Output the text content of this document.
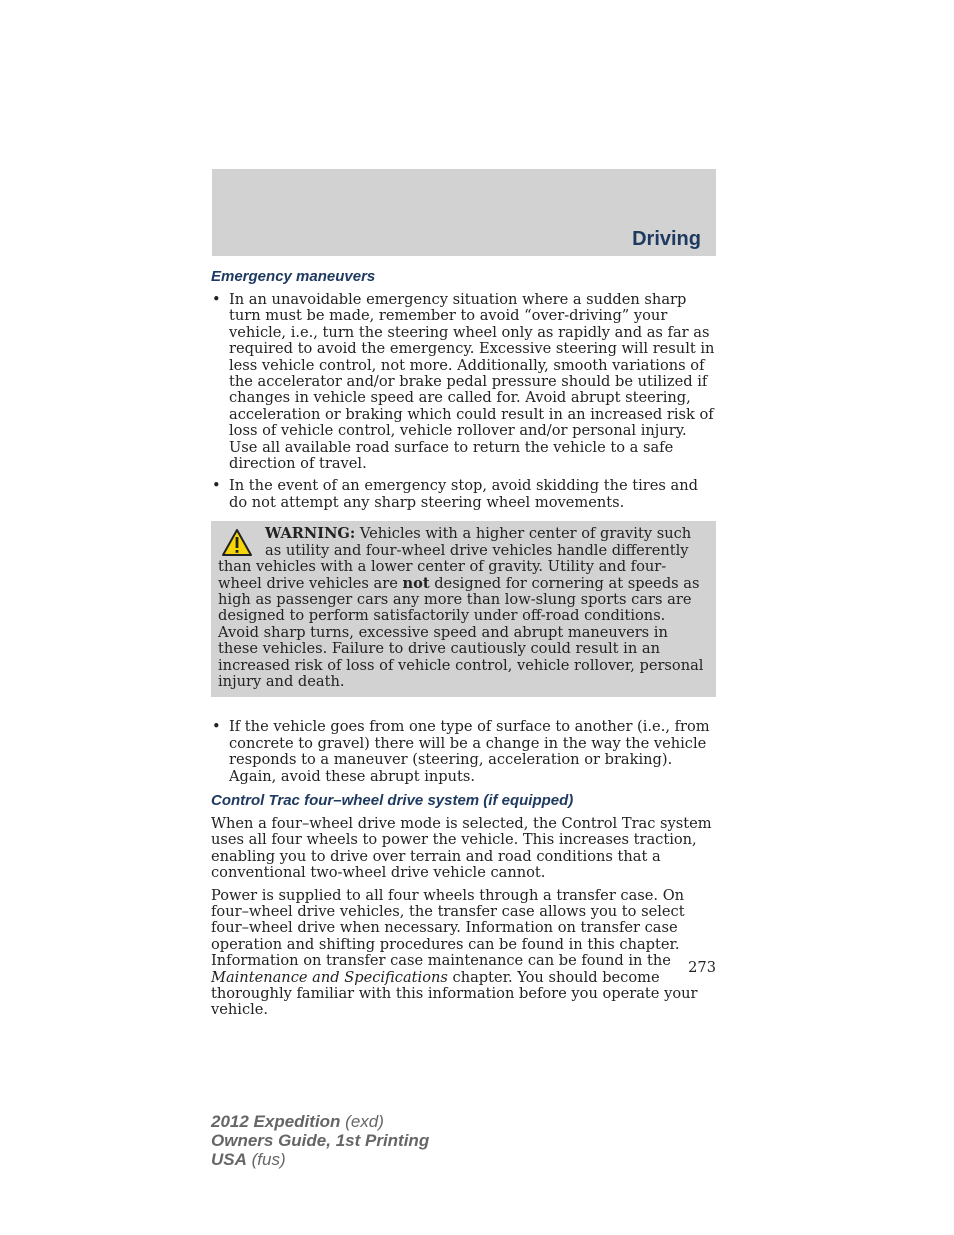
Driving
Emergency maneuvers
• In an unavoidable emergency situation where a sudden sharp turn must be made, remember to avoid “over-driving” your vehicle, i.e., turn the steering wheel only as rapidly and as far as required to avoid the emergency. Excessive steering will result in less vehicle control, not more. Additionally, smooth variations of the accelerator and/or brake pedal pressure should be utilized if changes in vehicle speed are called for. Avoid abrupt steering, acceleration or braking which could result in an increased risk of loss of vehicle control, vehicle rollover and/or personal injury. Use all available road surface to return the vehicle to a safe direction of travel.
• In the event of an emergency stop, avoid skidding the tires and do not attempt any sharp steering wheel movements.
WARNING: Vehicles with a higher center of gravity such as utility and four-wheel drive vehicles handle differently than vehicles with a lower center of gravity. Utility and four-wheel drive vehicles are not designed for cornering at speeds as high as passenger cars any more than low-slung sports cars are designed to perform satisfactorily under off-road conditions. Avoid sharp turns, excessive speed and abrupt maneuvers in these vehicles. Failure to drive cautiously could result in an increased risk of loss of vehicle control, vehicle rollover, personal injury and death.
• If the vehicle goes from one type of surface to another (i.e., from concrete to gravel) there will be a change in the way the vehicle responds to a maneuver (steering, acceleration or braking). Again, avoid these abrupt inputs.
Control Trac four–wheel drive system (if equipped)

When a four–wheel drive mode is selected, the Control Trac system uses all four wheels to power the vehicle. This increases traction, enabling you to drive over terrain and road conditions that a conventional two-wheel drive vehicle cannot.

Power is supplied to all four wheels through a transfer case. On four–wheel drive vehicles, the transfer case allows you to select four–wheel drive when necessary. Information on transfer case operation and shifting procedures can be found in this chapter. Information on transfer case maintenance can be found in the Maintenance and Specifications chapter. You should become thoroughly familiar with this information before you operate your vehicle.

273
2012 Expedition (exd)
Owners Guide, 1st Printing
USA (fus)
